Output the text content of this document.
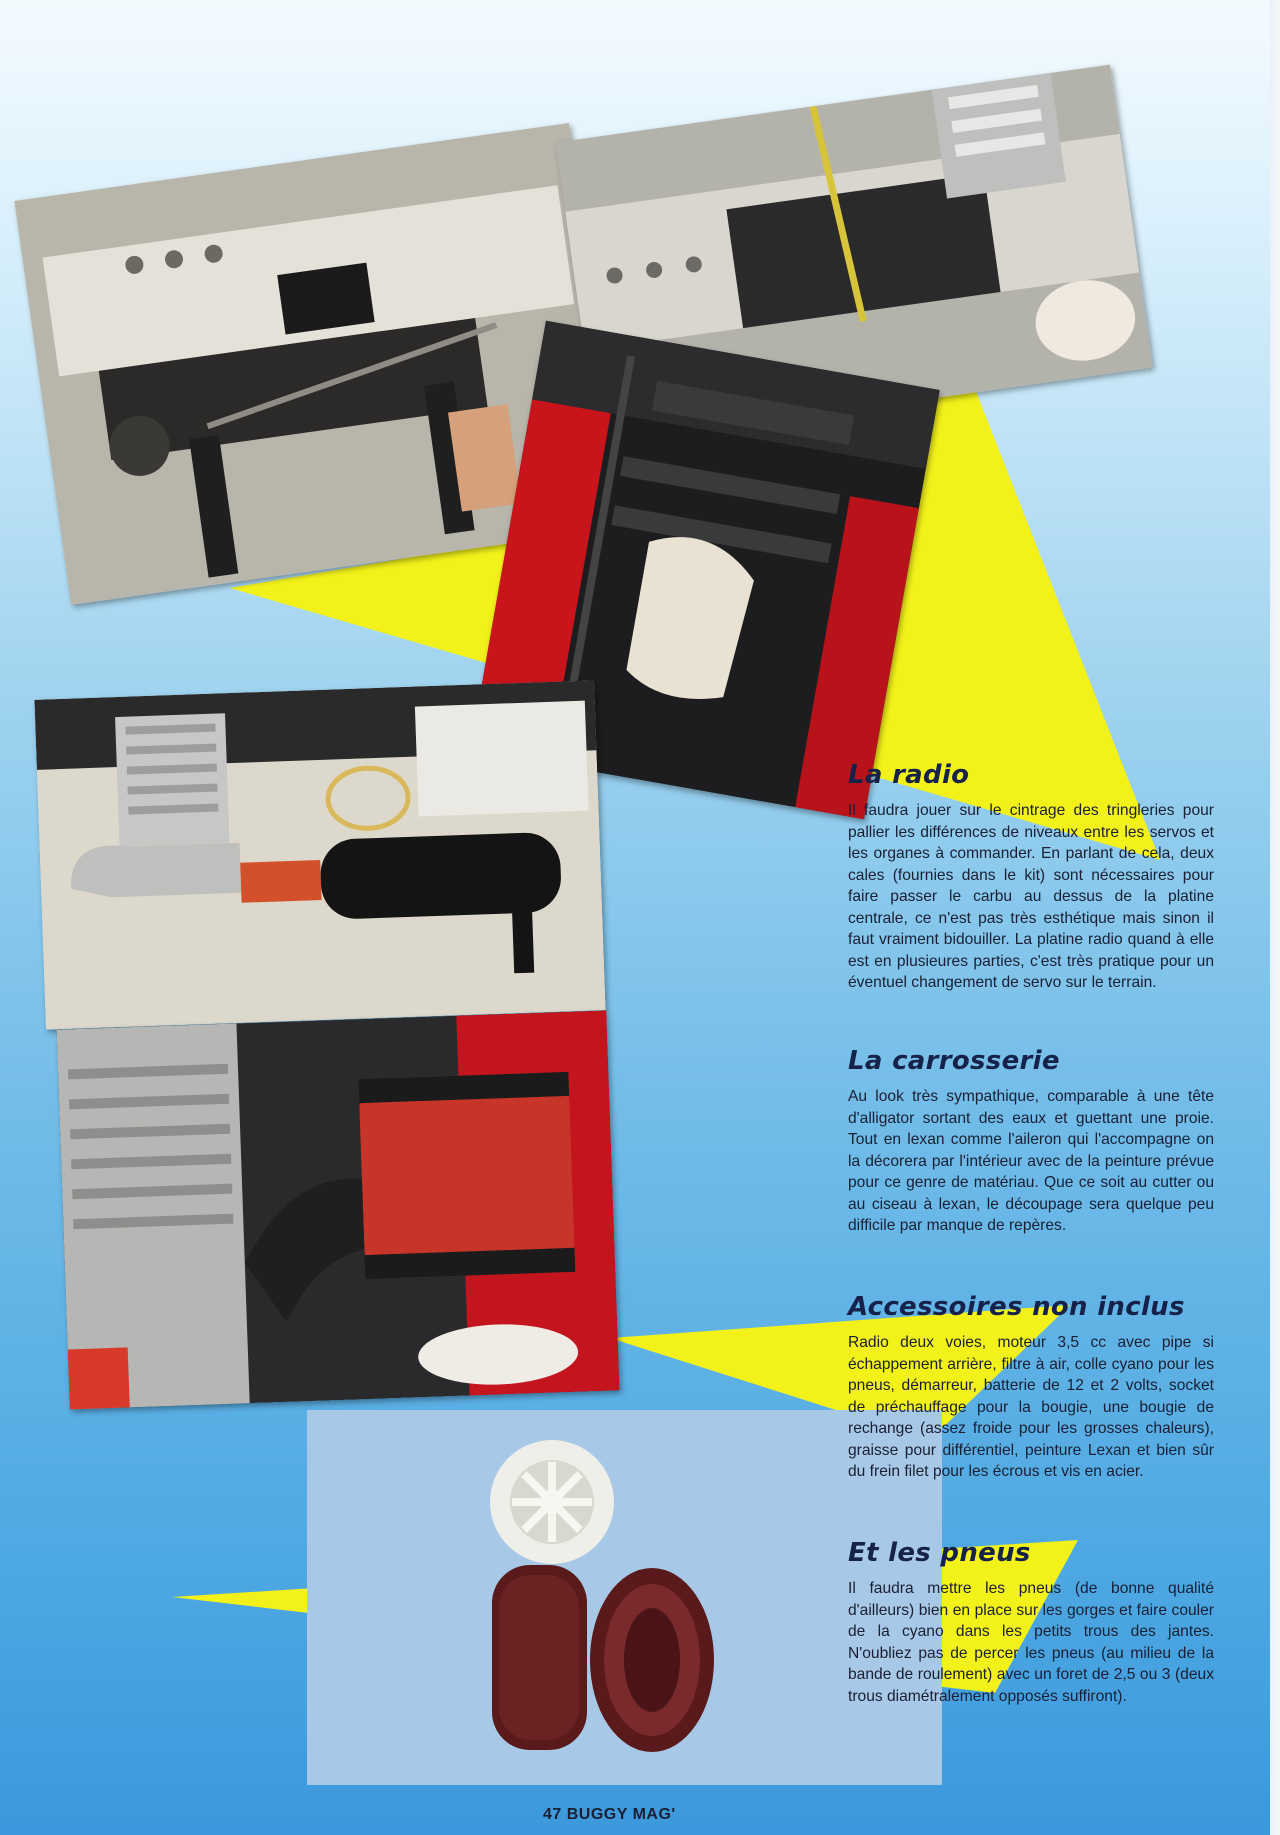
La radio

Il faudra jouer sur le cintrage des tringleries pour pallier les différences de niveaux entre les servos et les organes à commander. En parlant de cela, deux cales (fournies dans le kit) sont nécessaires pour faire passer le carbu au dessus de la platine centrale, ce n'est pas très esthétique mais sinon il faut vraiment bidouiller. La platine radio quand à elle est en plusieures parties, c'est très pratique pour un éventuel changement de servo sur le terrain.

La carrosserie

Au look très sympathique, comparable à une tête d'alligator sortant des eaux et guettant une proie. Tout en lexan comme l'aileron qui l'accompagne on la décorera par l'intérieur avec de la peinture prévue pour ce genre de matériau. Que ce soit au cutter ou au ciseau à lexan, le découpage sera quelque peu difficile par manque de repères.

Accessoires non inclus

Radio deux voies, moteur 3,5 cc avec pipe si échappement arrière, filtre à air, colle cyano pour les pneus, démarreur, batterie de 12 et 2 volts, socket de préchauffage pour la bougie, une bougie de rechange (assez froide pour les grosses chaleurs), graisse pour différentiel, peinture Lexan et bien sûr du frein filet pour les écrous et vis en acier.

Et les pneus

Il faudra mettre les pneus (de bonne qualité d'ailleurs) bien en place sur les gorges et faire couler de la cyano dans les petits trous des jantes. N'oubliez pas de percer les pneus (au milieu de la bande de roulement) avec un foret de 2,5 ou 3 (deux trous diamétralement opposés suffiront).

47 BUGGY MAG'
